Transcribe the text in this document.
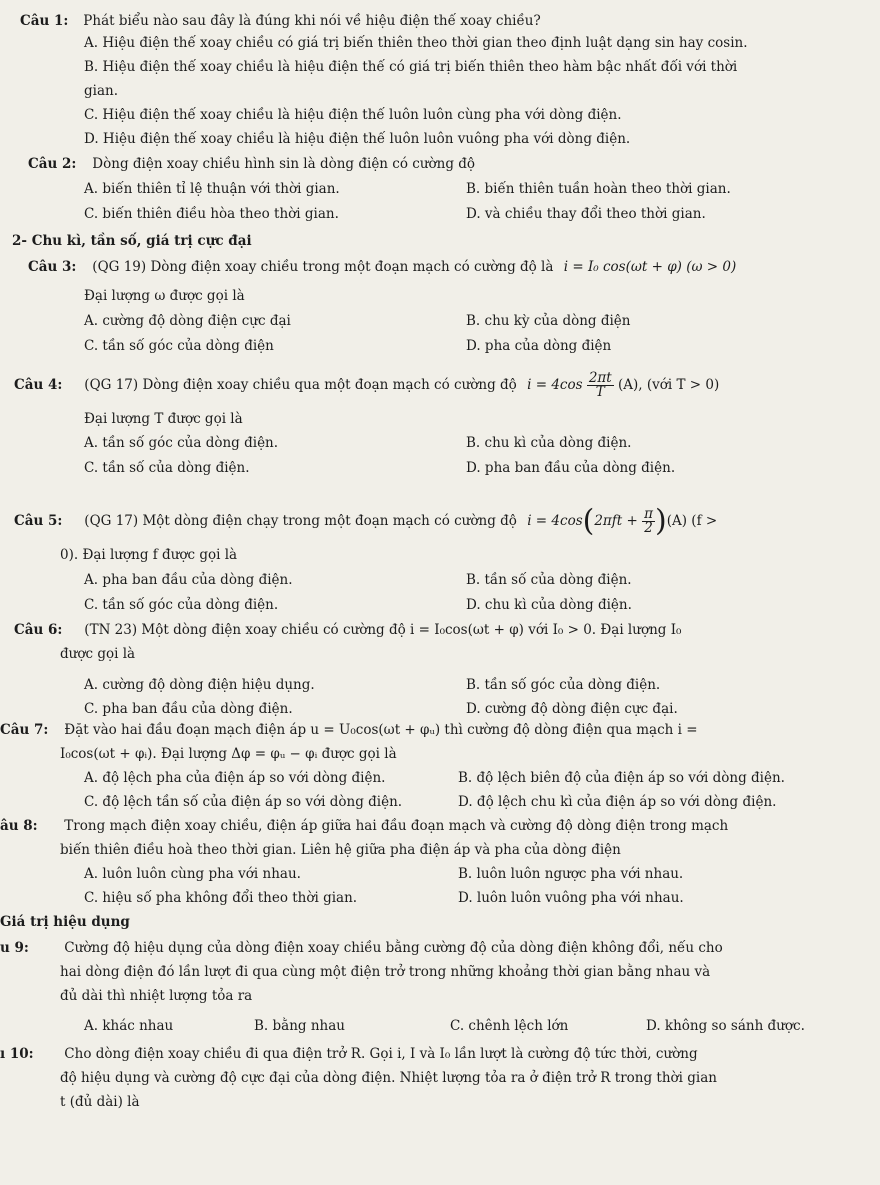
Câu 1: Phát biểu nào sau đây là đúng khi nói về hiệu điện thế xoay chiều?
A. Hiệu điện thế xoay chiều có giá trị biến thiên theo thời gian theo định luật dạng sin hay cosin.
B. Hiệu điện thế xoay chiều là hiệu điện thế có giá trị biến thiên theo hàm bậc nhất đối với thời
gian.
C. Hiệu điện thế xoay chiều là hiệu điện thế luôn luôn cùng pha với dòng điện.
D. Hiệu điện thế xoay chiều là hiệu điện thế luôn luôn vuông pha với dòng điện.
Câu 2: Dòng điện xoay chiều hình sin là dòng điện có cường độ
A. biến thiên tỉ lệ thuận với thời gian.	B. biến thiên tuần hoàn theo thời gian.
C. biến thiên điều hòa theo thời gian.	D. và chiều thay đổi theo thời gian.
2- Chu kì, tần số, giá trị cực đại
Câu 3: (QG 19) Dòng điện xoay chiều trong một đoạn mạch có cường độ là i = I₀ cos(ωt + φ) (ω > 0)
Đại lượng ω được gọi là
A. cường độ dòng điện cực đại	B. chu kỳ của dòng điện
C. tần số góc của dòng điện	D. pha của dòng điện
Câu 4: (QG 17) Dòng điện xoay chiều qua một đoạn mạch có cường độ $i = 4\cos \frac{2\pi t}{T} (A)$, (với T > 0)
Đại lượng T được gọi là
A. tần số góc của dòng điện.	B. chu kì của dòng điện.
C. tần số của dòng điện.	D. pha ban đầu của dòng điện.
Câu 5: (QG 17) Một dòng điện chạy trong một đoạn mạch có cường độ $i = 4\cos(2\pi ft + \frac{\pi}{2} )(A)$ (f >
0). Đại lượng f được gọi là
A. pha ban đầu của dòng điện.	B. tần số của dòng điện.
C. tần số góc của dòng điện.	D. chu kì của dòng điện.
Câu 6: (TN 23) Một dòng điện xoay chiều có cường độ i = I₀cos(ωt + φ) với I₀ > 0. Đại lượng I₀
được gọi là
A. cường độ dòng điện hiệu dụng.	B. tần số góc của dòng điện.
C. pha ban đầu của dòng điện.	D. cường độ dòng điện cực đại.
Câu 7: Đặt vào hai đầu đoạn mạch điện áp u = U₀cos(ωt + φᵤ) thì cường độ dòng điện qua mạch i =
I₀cos(ωt + φᵢ). Đại lượng Δφ = φᵤ − φᵢ được gọi là
A. độ lệch pha của điện áp so với dòng điện.	B. độ lệch biên độ của điện áp so với dòng điện.
C. độ lệch tần số của điện áp so với dòng điện.	D. độ lệch chu kì của điện áp so với dòng điện.
âu 8: Trong mạch điện xoay chiều, điện áp giữa hai đầu đoạn mạch và cường độ dòng điện trong mạch
biến thiên điều hoà theo thời gian. Liên hệ giữa pha điện áp và pha của dòng điện
A. luôn luôn cùng pha với nhau.	B. luôn luôn ngược pha với nhau.
C. hiệu số pha không đổi theo thời gian.	D. luôn luôn vuông pha với nhau.
Giá trị hiệu dụng
u 9:	Cường độ hiệu dụng của dòng điện xoay chiều bằng cường độ của dòng điện không đổi, nếu cho
hai dòng điện đó lần lượt đi qua cùng một điện trở trong những khoảng thời gian bằng nhau và
đủ dài thì nhiệt lượng tỏa ra
A. khác nhau	B. bằng nhau	C. chênh lệch lớn	D. không so sánh được.
ı 10: Cho dòng điện xoay chiều đi qua điện trở R. Gọi i, I và I₀ lần lượt là cường độ tức thời, cường
độ hiệu dụng và cường độ cực đại của dòng điện. Nhiệt lượng tỏa ra ở điện trở R trong thời gian
t (đủ dài) là
